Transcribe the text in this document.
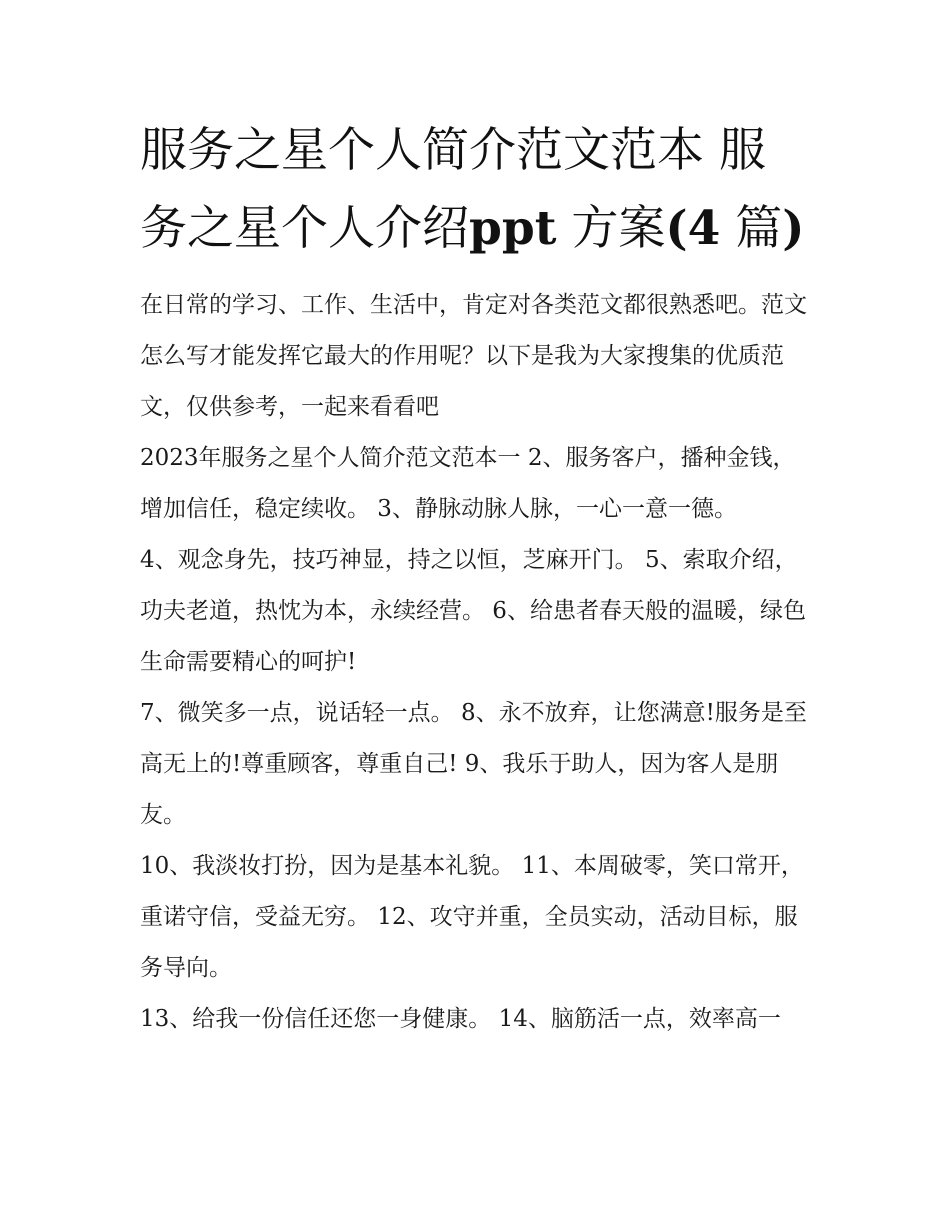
服务之星个人简介范文范本 服
务之星个人介绍ppt 方案(4 篇)

在日常的学习、工作、生活中，肯定对各类范文都很熟悉吧。范文怎么写才能发挥它最大的作用呢？以下是我为大家搜集的优质范文，仅供参考，一起来看看吧

2023年服务之星个人简介范文范本一 2、服务客户，播种金钱，增加信任，稳定续收。 3、静脉动脉人脉，一心一意一德。

4、观念身先，技巧神显，持之以恒，芝麻开门。 5、索取介绍，功夫老道，热忱为本，永续经营。 6、给患者春天般的温暖，绿色生命需要精心的呵护!

7、微笑多一点，说话轻一点。 8、永不放弃，让您满意!服务是至高无上的!尊重顾客，尊重自己! 9、我乐于助人，因为客人是朋友。

10、我淡妆打扮，因为是基本礼貌。 11、本周破零，笑口常开，重诺守信，受益无穷。 12、攻守并重，全员实动，活动目标，服务导向。

13、给我一份信任还您一身健康。 14、脑筋活一点，效率高一
